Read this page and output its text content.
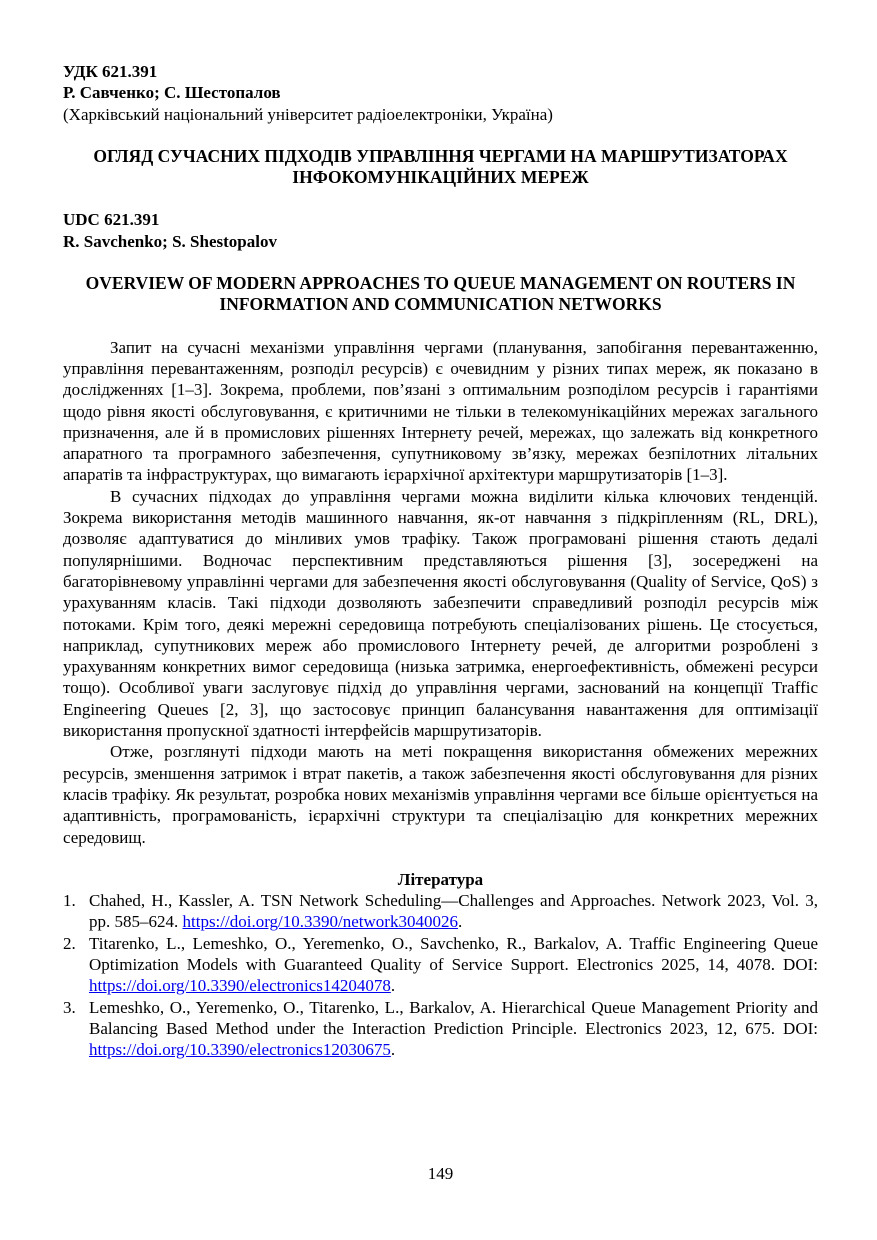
УДК 621.391
Р. Савченко; С. Шестопалов
(Харківський національний університет радіоелектроніки, Україна)
ОГЛЯД СУЧАСНИХ ПІДХОДІВ УПРАВЛІННЯ ЧЕРГАМИ НА МАРШРУТИЗАТОРАХ ІНФОКОМУНІКАЦІЙНИХ МЕРЕЖ
UDC 621.391
R. Savchenko; S. Shestopalov
OVERVIEW OF MODERN APPROACHES TO QUEUE MANAGEMENT ON ROUTERS IN INFORMATION AND COMMUNICATION NETWORKS

Запит на сучасні механізми управління чергами (планування, запобігання перевантаженню, управління перевантаженням, розподіл ресурсів) є очевидним у різних типах мереж, як показано в дослідженнях [1–3]. Зокрема, проблеми, пов’язані з оптимальним розподілом ресурсів і гарантіями щодо рівня якості обслуговування, є критичними не тільки в телекомунікаційних мережах загального призначення, але й в промислових рішеннях Інтернету речей, мережах, що залежать від конкретного апаратного та програмного забезпечення, супутниковому зв’язку, мережах безпілотних літальних апаратів та інфраструктурах, що вимагають ієрархічної архітектури маршрутизаторів [1–3].

В сучасних підходах до управління чергами можна виділити кілька ключових тенденцій. Зокрема використання методів машинного навчання, як-от навчання з підкріпленням (RL, DRL), дозволяє адаптуватися до мінливих умов трафіку. Також програмовані рішення стають дедалі популярнішими. Водночас перспективним представляються рішення [3], зосереджені на багаторівневому управлінні чергами для забезпечення якості обслуговування (Quality of Service, QoS) з урахуванням класів. Такі підходи дозволяють забезпечити справедливий розподіл ресурсів між потоками. Крім того, деякі мережні середовища потребують спеціалізованих рішень. Це стосується, наприклад, супутникових мереж або промислового Інтернету речей, де алгоритми розроблені з урахуванням конкретних вимог середовища (низька затримка, енергоефективність, обмежені ресурси тощо). Особливої уваги заслуговує підхід до управління чергами, заснований на концепції Traffic Engineering Queues [2, 3], що застосовує принцип балансування навантаження для оптимізації використання пропускної здатності інтерфейсів маршрутизаторів.

Отже, розглянуті підходи мають на меті покращення використання обмежених мережних ресурсів, зменшення затримок і втрат пакетів, а також забезпечення якості обслуговування для різних класів трафіку. Як результат, розробка нових механізмів управління чергами все більше орієнтується на адаптивність, програмованість, ієрархічні структури та спеціалізацію для конкретних мережних середовищ.

Література
1. Chahed, H., Kassler, A. TSN Network Scheduling—Challenges and Approaches. Network 2023, Vol. 3, pp. 585–624. https://doi.org/10.3390/network3040026.
2. Titarenko, L., Lemeshko, O., Yeremenko, O., Savchenko, R., Barkalov, A. Traffic Engineering Queue Optimization Models with Guaranteed Quality of Service Support. Electronics 2025, 14, 4078. DOI: https://doi.org/10.3390/electronics14204078.
3. Lemeshko, O., Yeremenko, O., Titarenko, L., Barkalov, A. Hierarchical Queue Management Priority and Balancing Based Method under the Interaction Prediction Principle. Electronics 2023, 12, 675. DOI: https://doi.org/10.3390/electronics12030675.
149
